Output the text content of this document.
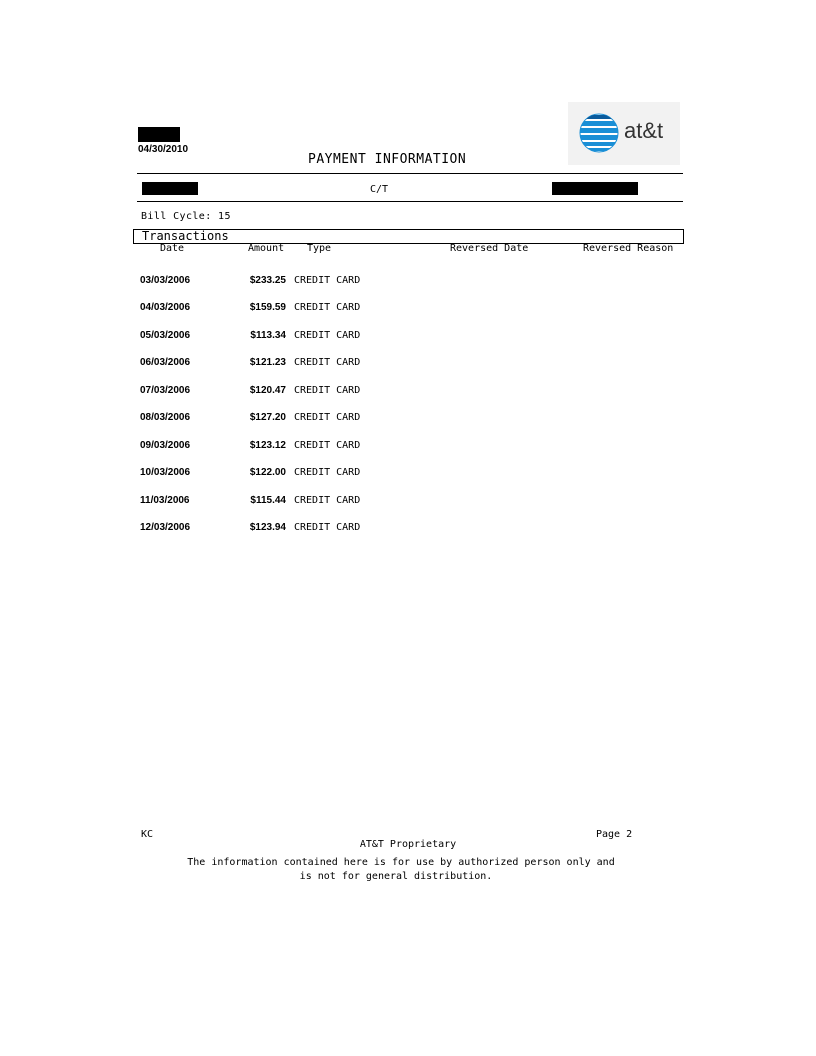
04/30/2010
PAYMENT INFORMATION
at&t
C/T
Bill Cycle: 15
Transactions
Date	Amount Type	Reversed Date	Reversed Reason
03/03/2006	$233.25 CREDIT CARD
04/03/2006	$159.59 CREDIT CARD
05/03/2006	$113.34 CREDIT CARD
06/03/2006	$121.23 CREDIT CARD
07/03/2006	$120.47 CREDIT CARD
08/03/2006	$127.20 CREDIT CARD
09/03/2006	$123.12 CREDIT CARD
10/03/2006	$122.00 CREDIT CARD
11/03/2006	$115.44 CREDIT CARD
12/03/2006	$123.94 CREDIT CARD
KC	Page 2
AT&T Proprietary
The information contained here is for use by authorized person only and
is not for general distribution.
